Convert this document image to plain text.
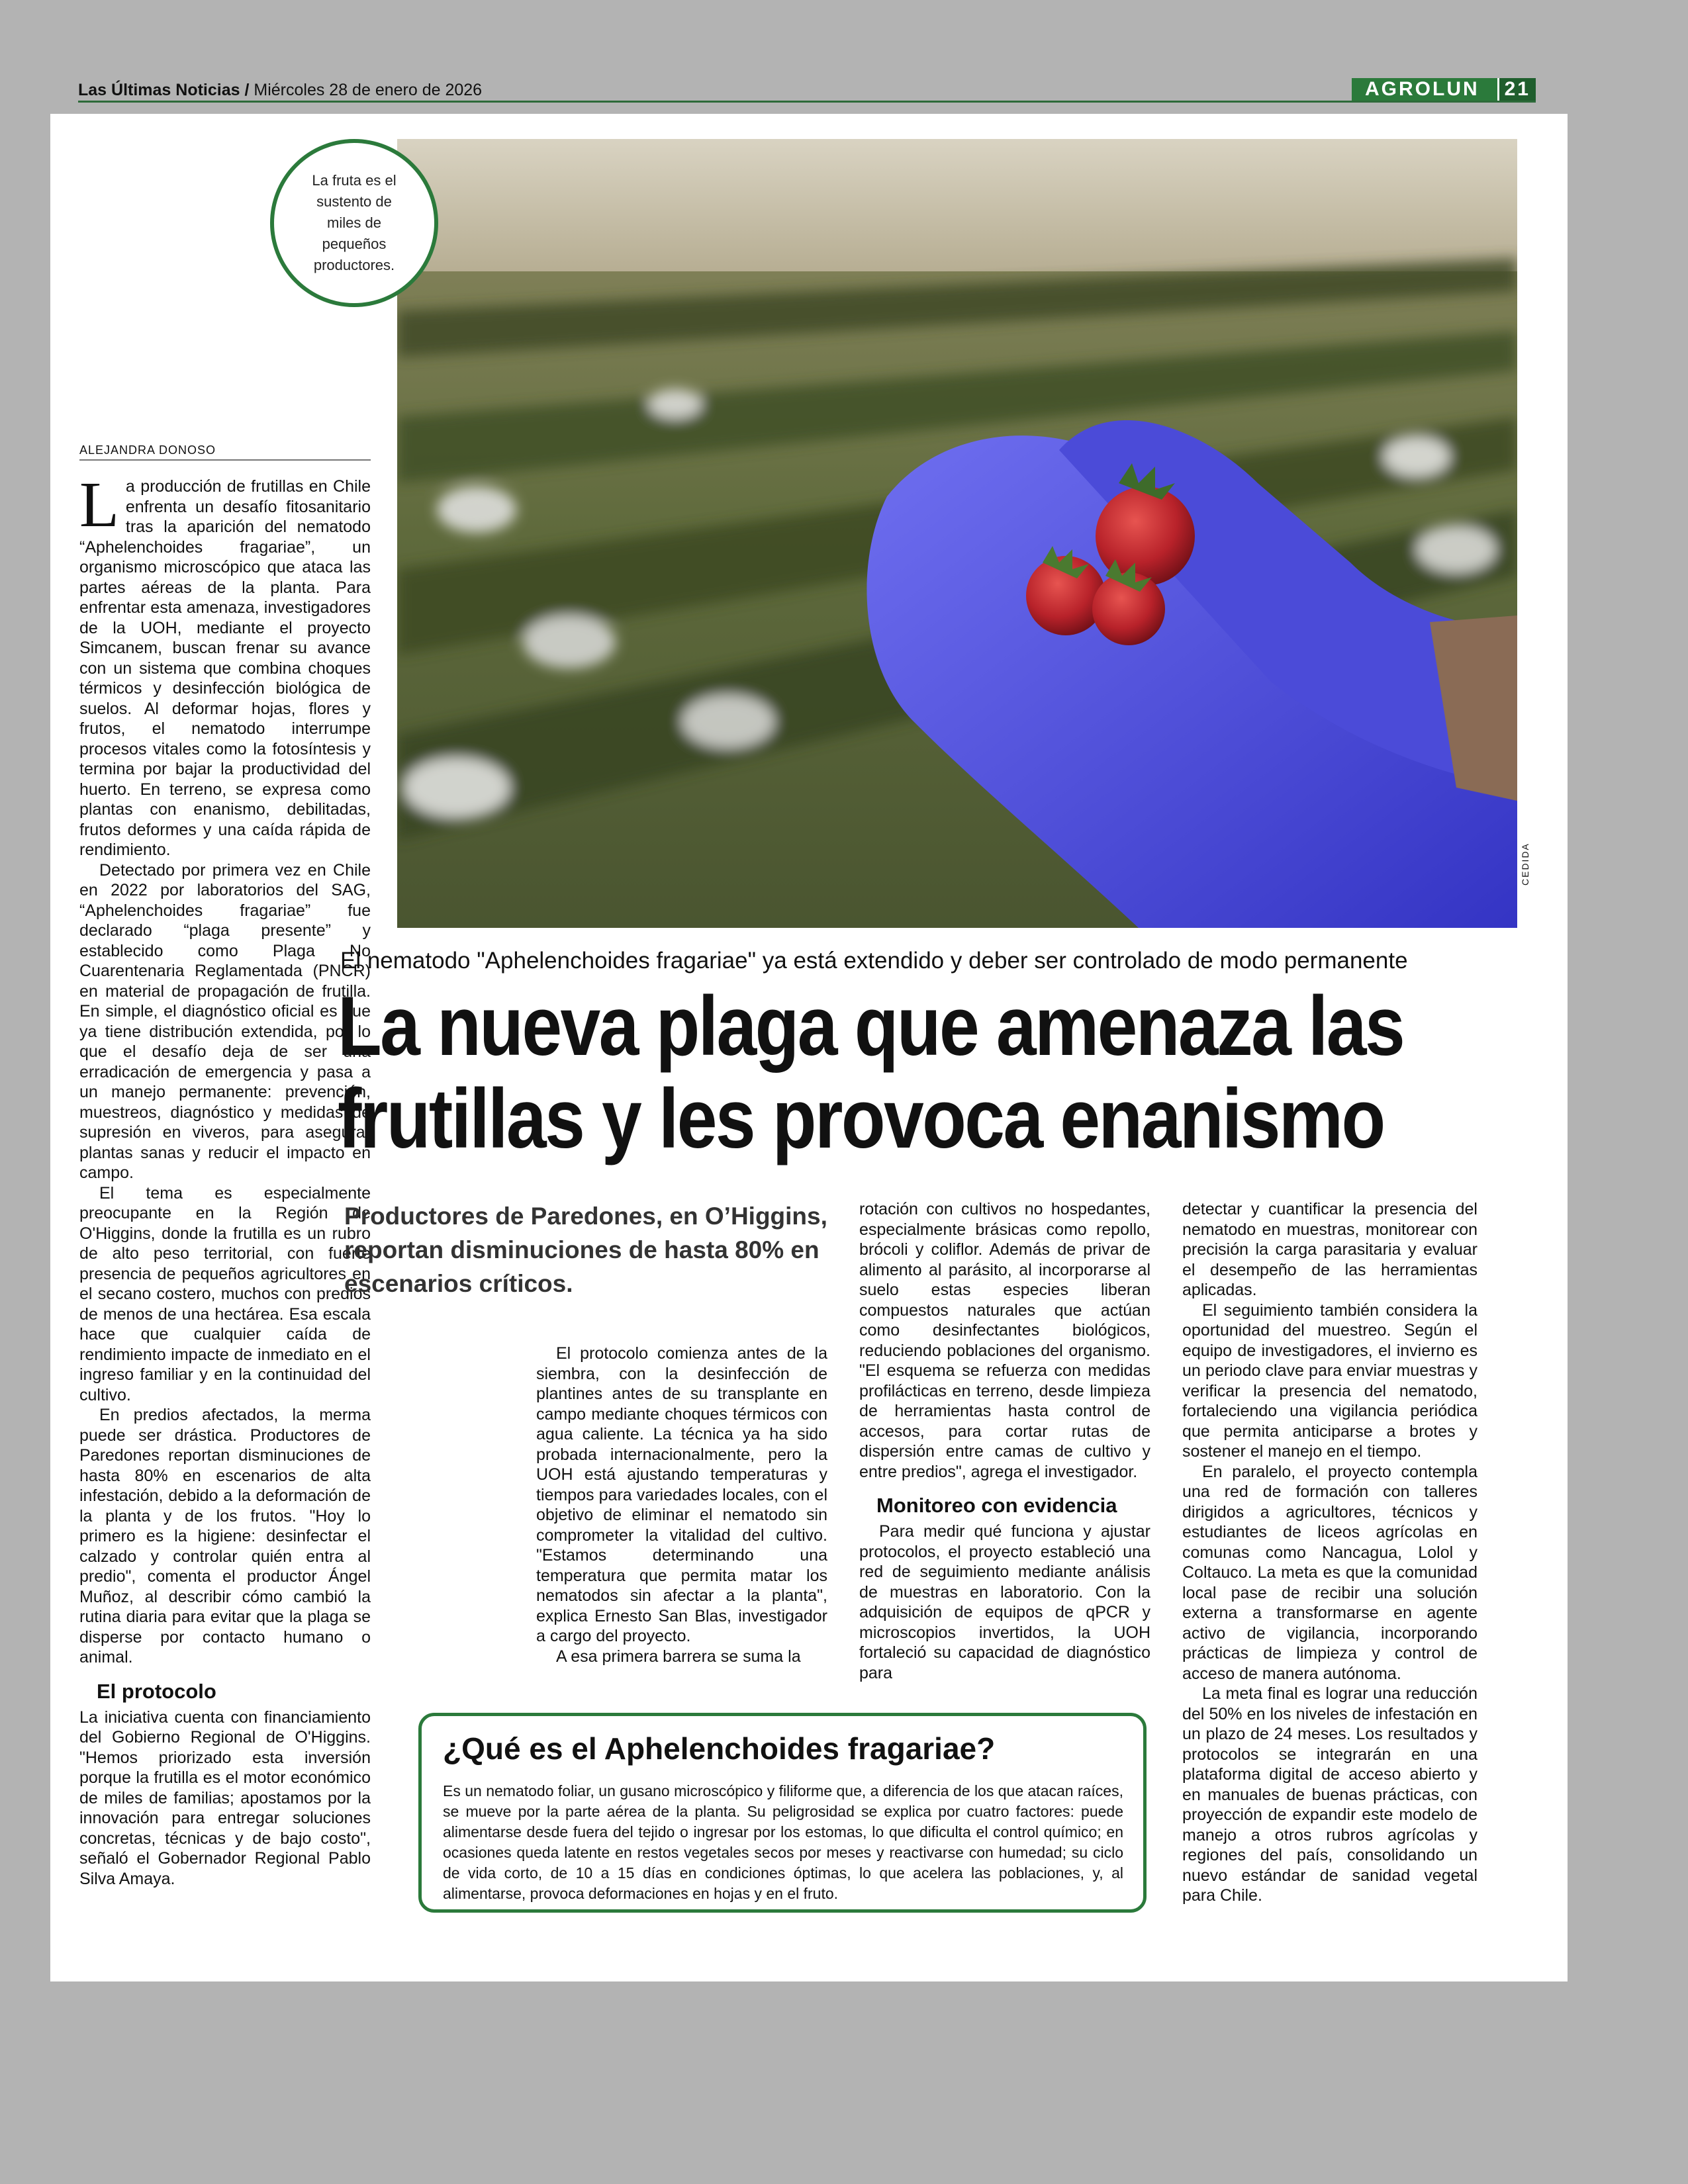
Las Últimas Noticias / Miércoles 28 de enero de 2026	AGROLUN	21
CEDIDA
La fruta es el sustento de miles de pequeños productores.
ALEJANDRA DONOSO

La producción de frutillas en Chile enfrenta un desafío fitosanitario tras la aparición del nematodo “Aphelenchoides fragariae”, un organismo microscópico que ataca las partes aéreas de la planta. Para enfrentar esta amenaza, investigadores de la UOH, mediante el proyecto Simcanem, buscan frenar su avance con un sistema que combina choques térmicos y desinfección biológica de suelos. Al deformar hojas, flores y frutos, el nematodo interrumpe procesos vitales como la fotosíntesis y termina por bajar la productividad del huerto. En terreno, se expresa como plantas con enanismo, debilitadas, frutos deformes y una caída rápida de rendimiento.

Detectado por primera vez en Chile en 2022 por laboratorios del SAG, “Aphelenchoides fragariae” fue declarado “plaga presente” y establecido como Plaga No Cuarentenaria Reglamentada (PNCR) en material de propagación de frutilla. En simple, el diagnóstico oficial es que ya tiene distribución extendida, por lo que el desafío deja de ser una erradicación de emergencia y pasa a un manejo permanente: prevención, muestreos, diagnóstico y medidas de supresión en viveros, para asegurar plantas sanas y reducir el impacto en campo.

El tema es especialmente preocupante en la Región de O'Higgins, donde la frutilla es un rubro de alto peso territorial, con fuerte presencia de pequeños agricultores en el secano costero, muchos con predios de menos de una hectárea. Esa escala hace que cualquier caída de rendimiento impacte de inmediato en el ingreso familiar y en la continuidad del cultivo.

En predios afectados, la merma puede ser drástica. Productores de Paredones reportan disminuciones de hasta 80% en escenarios de alta infestación, debido a la deformación de la planta y de los frutos. "Hoy lo primero es la higiene: desinfectar el calzado y controlar quién entra al predio", comenta el productor Ángel Muñoz, al describir cómo cambió la rutina diaria para evitar que la plaga se disperse por contacto humano o animal.

El protocolo

La iniciativa cuenta con financiamiento del Gobierno Regional de O'Higgins. "Hemos priorizado esta inversión porque la frutilla es el motor económico de miles de familias; apostamos por la innovación para entregar soluciones concretas, técnicas y de bajo costo", señaló el Gobernador Regional Pablo Silva Amaya.

El nematodo "Aphelenchoides fragariae" ya está extendido y deber ser controlado de modo permanente
La nueva plaga que amenaza las
frutillas y les provoca enanismo
Productores de Paredones, en O’Higgins, reportan disminuciones de hasta 80% en escenarios críticos.

El protocolo comienza antes de la siembra, con la desinfección de plantines antes de su transplante en campo mediante choques térmicos con agua caliente. La técnica ya ha sido probada internacionalmente, pero la UOH está ajustando temperaturas y tiempos para variedades locales, con el objetivo de eliminar el nematodo sin comprometer la vitalidad del cultivo. "Estamos determinando una temperatura que permita matar los nematodos sin afectar a la planta", explica Ernesto San Blas, investigador a cargo del proyecto.

A esa primera barrera se suma la

rotación con cultivos no hospedantes, especialmente brásicas como repollo, brócoli y coliflor. Además de privar de alimento al parásito, al incorporarse al suelo estas especies liberan compuestos naturales que actúan como desinfectantes biológicos, reduciendo poblaciones del organismo. "El esquema se refuerza con medidas profilácticas en terreno, desde limpieza de herramientas hasta control de accesos, para cortar rutas de dispersión entre camas de cultivo y entre predios", agrega el investigador.

Monitoreo con evidencia

Para medir qué funciona y ajustar protocolos, el proyecto estableció una red de seguimiento mediante análisis de muestras en laboratorio. Con la adquisición de equipos de qPCR y microscopios invertidos, la UOH fortaleció su capacidad de diagnóstico para

detectar y cuantificar la presencia del nematodo en muestras, monitorear con precisión la carga parasitaria y evaluar el desempeño de las herramientas aplicadas.

El seguimiento también considera la oportunidad del muestreo. Según el equipo de investigadores, el invierno es un periodo clave para enviar muestras y verificar la presencia del nematodo, fortaleciendo una vigilancia periódica que permita anticiparse a brotes y sostener el manejo en el tiempo.

En paralelo, el proyecto contempla una red de formación con talleres dirigidos a agricultores, técnicos y estudiantes de liceos agrícolas en comunas como Nancagua, Lolol y Coltauco. La meta es que la comunidad local pase de recibir una solución externa a transformarse en agente activo de vigilancia, incorporando prácticas de limpieza y control de acceso de manera autónoma.

La meta final es lograr una reducción del 50% en los niveles de infestación en un plazo de 24 meses. Los resultados y protocolos se integrarán en una plataforma digital de acceso abierto y en manuales de buenas prácticas, con proyección de expandir este modelo de manejo a otros rubros agrícolas y regiones del país, consolidando un nuevo estándar de sanidad vegetal para Chile.

¿Qué es el Aphelenchoides fragariae?
Es un nematodo foliar, un gusano microscópico y filiforme que, a diferencia de los que atacan raíces, se mueve por la parte aérea de la planta. Su peligrosidad se explica por cuatro factores: puede alimentarse desde fuera del tejido o ingresar por los estomas, lo que dificulta el control químico; en ocasiones queda latente en restos vegetales secos por meses y reactivarse con humedad; su ciclo de vida corto, de 10 a 15 días en condiciones óptimas, lo que acelera las poblaciones, y, al alimentarse, provoca deformaciones en hojas y en el fruto.
